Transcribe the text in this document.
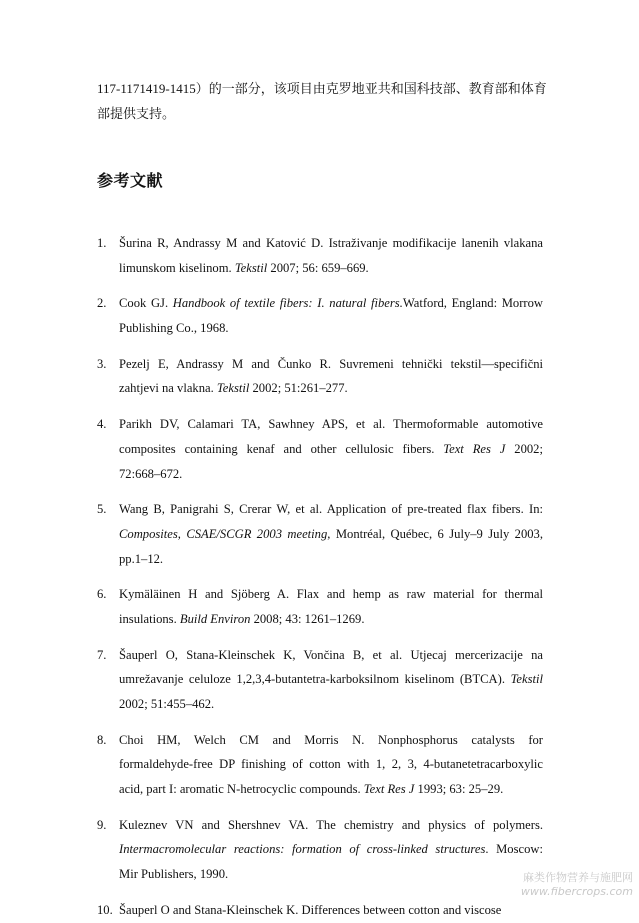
117-1171419-1415）的一部分，该项目由克罗地亚共和国科技部、教育部和体育
部提供支持。
参考文献
1. Šurina R, Andrassy M and Katović D. Istraživanje modifikacije lanenih vlakana
limunskom kiselinom. Tekstil 2007; 56: 659–669.
2. Cook GJ. Handbook of textile fibers: I. natural fibers.Watford, England: Morrow
Publishing Co., 1968.
3. Pezelj E, Andrassy M and Čunko R. Suvremeni tehnički tekstil—specifični
zahtjevi na vlakna. Tekstil 2002; 51:261–277.
4. Parikh DV, Calamari TA, Sawhney APS, et al. Thermoformable automotive
composites containing kenaf and other cellulosic fibers. Text Res J 2002;
72:668–672.
5. Wang B, Panigrahi S, Crerar W, et al. Application of pre-treated flax fibers. In:
Composites, CSAE/SCGR 2003 meeting, Montréal, Québec, 6 July–9 July 2003,
pp.1–12.
6. Kymäläinen H and Sjöberg A. Flax and hemp as raw material for thermal
insulations. Build Environ 2008; 43: 1261–1269.
7. Šauperl O, Stana-Kleinschek K, Vončina B, et al. Utjecaj mercerizacije na
umrežavanje celuloze 1,2,3,4-butantetra-karboksilnom kiselinom (BTCA). Tekstil
2002; 51:455–462.
8. Choi HM, Welch CM and Morris N. Nonphosphorus catalysts for
formaldehyde-free DP finishing of cotton with 1, 2, 3, 4-butanetetracarboxylic
acid, part I: aromatic N-hetrocyclic compounds. Text Res J 1993; 63: 25–29.
9. Kuleznev VN and Shershnev VA. The chemistry and physics of polymers.
Intermacromolecular reactions: formation of cross-linked structures. Moscow:
Mir Publishers, 1990.
10. Šauperl O and Stana-Kleinschek K. Differences between cotton and viscose
麻类作物营养与施肥网
www.fibercrops.com
